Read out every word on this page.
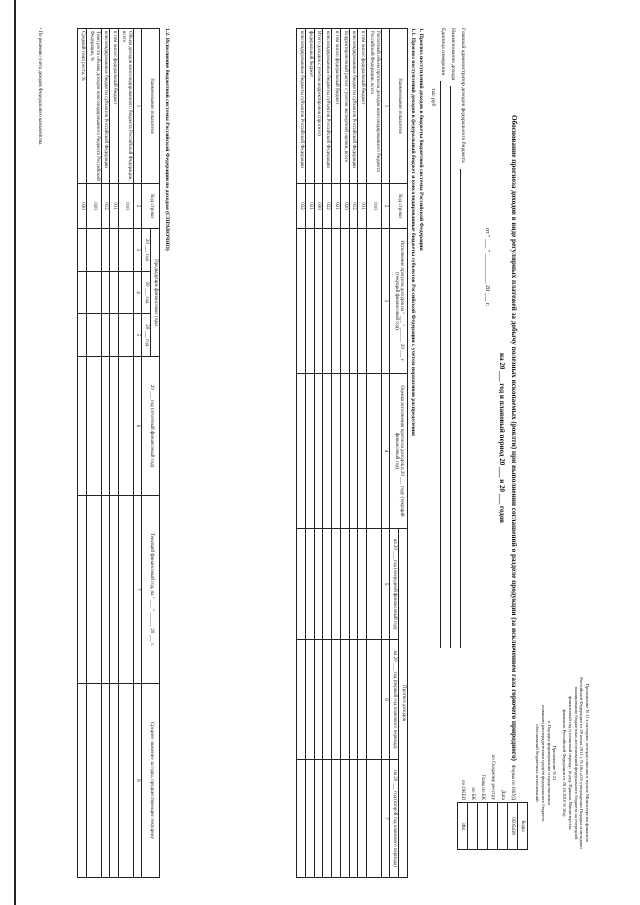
Приложение N 11 к методике, которая описана в пункте Министерства финансов
Российской Федерации от 29 июля 2011 г. N 18н «Об утверждении Порядка и методики
планирования бюджетных ассигнований федерального бюджета на очередной
финансовый год и плановый период» (в ред. Приказа Министерства
финансов Российской Федерации от 28.10.2016 N 18н)
Приложение N 21
к Порядку формирования и представления
главными распорядителями средств федерального бюджета
обоснований бюджетных ассигнований
Обоснование прогноза доходов в виде регулярных платежей за добычу полезных ископаемых (роялти) при выполнении соглашений о разделе продукции (за исключением газа горючего природного)
на 20 ___ год и плановый период 20 ___ и 20 ___ годов
от " ___ " __________ 20 ___ г.
	Коды
Форма по ОКУД	0505438
Дата	
по Сводному реестру	
Глава по БК	
по БК	
по ОКЕИ	384
Главный администратор доходов федерального бюджета
Наименование дохода
Единица измерения
тыс руб
1. Прогноз поступлений доходов в бюджеты бюджетной системы Российской Федерации
1.1. Прогноз поступлений доходов в федеральный бюджет и консолидированные бюджеты субъектов Российской Федерации с учетом нормативов распределения
Наименование показателя	Код строки	Исполнение прогноза доходов на " ___ " ______ 20 ___ г. (текущий финансовый год)	Оценка исполнения прогноза доходов в 20 ___ году (текущий финансовый год)	Прогноз доходов		
				на 20 ___ год (очередной финансовый год)	на 20 ___ год (первый год планового периода)	на 20 ___ год (второй год планового периода)
1	2	3	4	5	6	7
Расчетный объем прогноза доходов консолидированного бюджета Российской Федерации, всего	010					
в том числе: федеральный бюджет	011					
консолидированные бюджеты субъектов Российской Федерации	012					
Корректировочный расчет с учетом экспертной оценки, всего	020					
в том числе: федеральный бюджет	021					
консолидированные бюджеты субъектов Российской Федерации	022					
Итого доходов с учетом корректировок (прогноз)	030					
федеральный бюджет	031					
консолидированные бюджеты субъектов Российской Федерации	032					
1.2. Исполнение бюджетной системы Российской Федерации по доходам (СПРАВОЧНО)
Наименование показателя	Код строки	Предыдущие финансовые годы			20 ___ год (отчетный финансовый год)	Текущий финансовый год, на " ___ " ______ 20 ___ г.	Среднее значение за годы, предшествующие текущему
		20 ___ год	20 ___ год	20 ___ год			
1	2	3	4	5	6	7	8
Объем доходов консолидированного бюджета Российской Федерации, всего	010						
в том числе: федеральный бюджет	011						
консолидированные бюджеты субъектов Российской Федерации	012						
Темп роста объема доходов консолидированного бюджета Российской Федерации, %	020						
Средний темп роста, %	030						
¹ По решению учета доходов Федерального казначейства.
